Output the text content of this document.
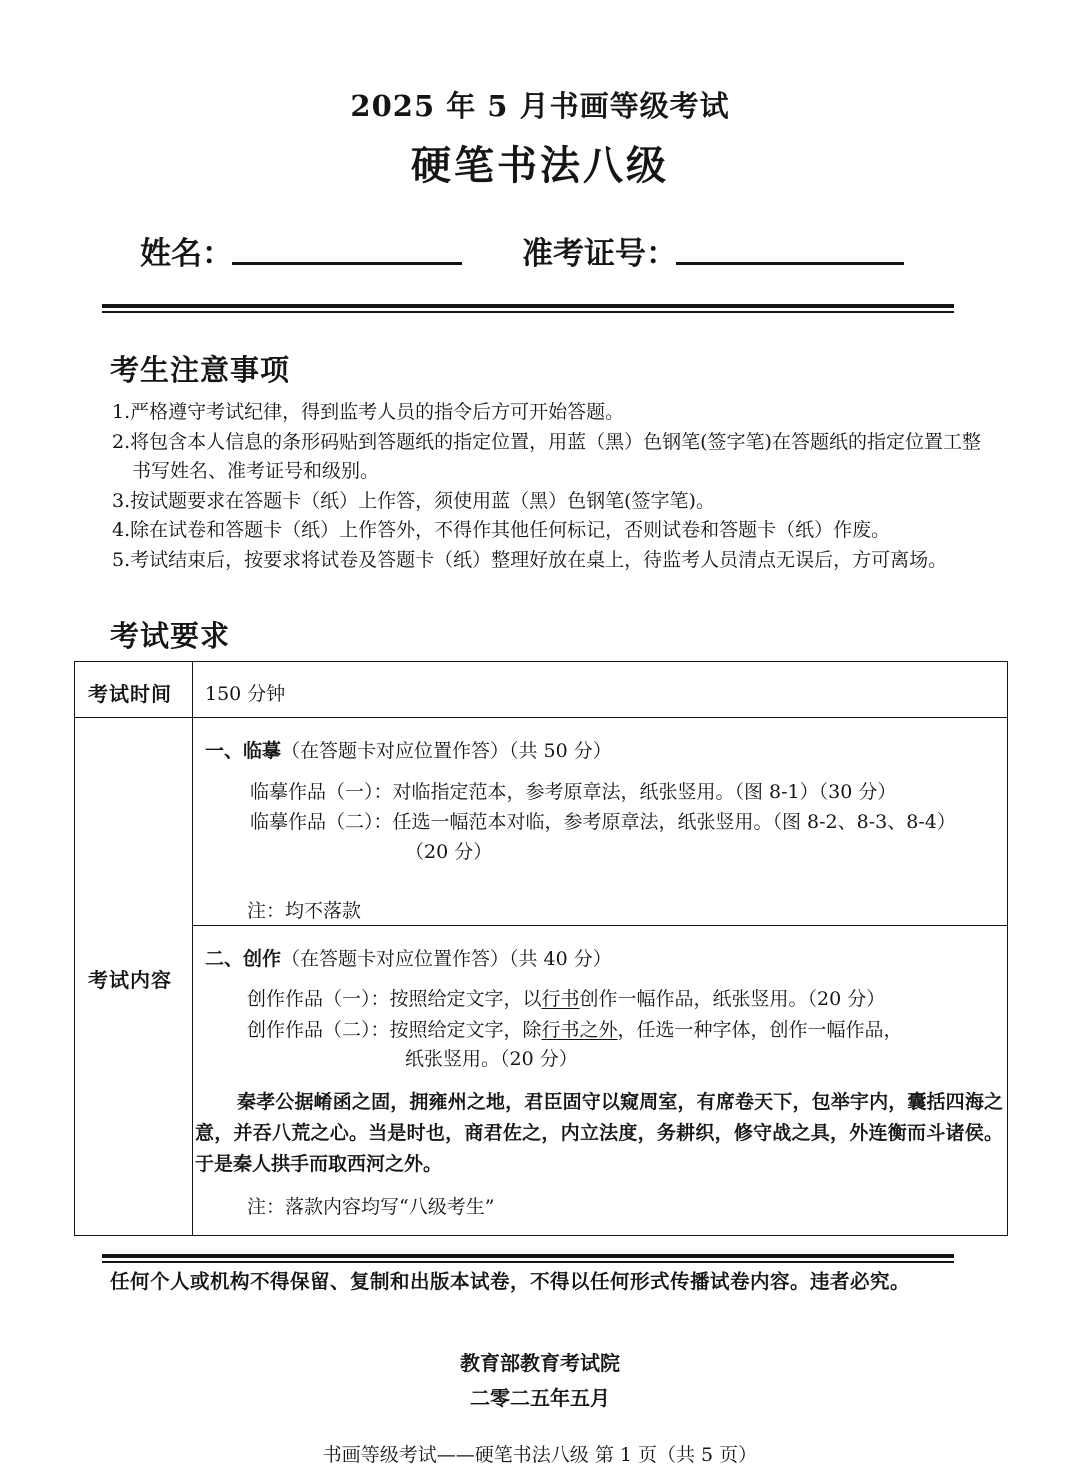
2025 年 5 月书画等级考试
硬笔书法八级
姓名：	准考证号：
考生注意事项
1.严格遵守考试纪律，得到监考人员的指令后方可开始答题。
2.将包含本人信息的条形码贴到答题纸的指定位置，用蓝（黑）色钢笔(签字笔)在答题纸的指定位置工整书写姓名、准考证号和级别。
3.按试题要求在答题卡（纸）上作答，须使用蓝（黑）色钢笔(签字笔)。
4.除在试卷和答题卡（纸）上作答外，不得作其他任何标记，否则试卷和答题卡（纸）作废。
5.考试结束后，按要求将试卷及答题卡（纸）整理好放在桌上，待监考人员清点无误后，方可离场。
考试要求
考试时间 150 分钟
考试内容
一、临摹（在答题卡对应位置作答）（共 50 分）
临摹作品（一）：对临指定范本，参考原章法，纸张竖用。（图 8-1）（30 分）
临摹作品（二）：任选一幅范本对临，参考原章法，纸张竖用。（图 8-2、8-3、8-4）
（20 分）
注：均不落款
二、创作（在答题卡对应位置作答）（共 40 分）
创作作品（一）：按照给定文字，以行书创作一幅作品，纸张竖用。（20 分）
创作作品（二）：按照给定文字，除行书之外，任选一种字体，创作一幅作品，
纸张竖用。（20 分）
秦孝公据崤函之固，拥雍州之地，君臣固守以窥周室，有席卷天下，包举宇内，囊括四海之意，并吞八荒之心。当是时也，商君佐之，内立法度，务耕织，修守战之具，外连衡而斗诸侯。于是秦人拱手而取西河之外。
注：落款内容均写“八级考生”
任何个人或机构不得保留、复制和出版本试卷，不得以任何形式传播试卷内容。违者必究。
教育部教育考试院
二零二五年五月
书画等级考试——硬笔书法八级 第 1 页（共 5 页）
